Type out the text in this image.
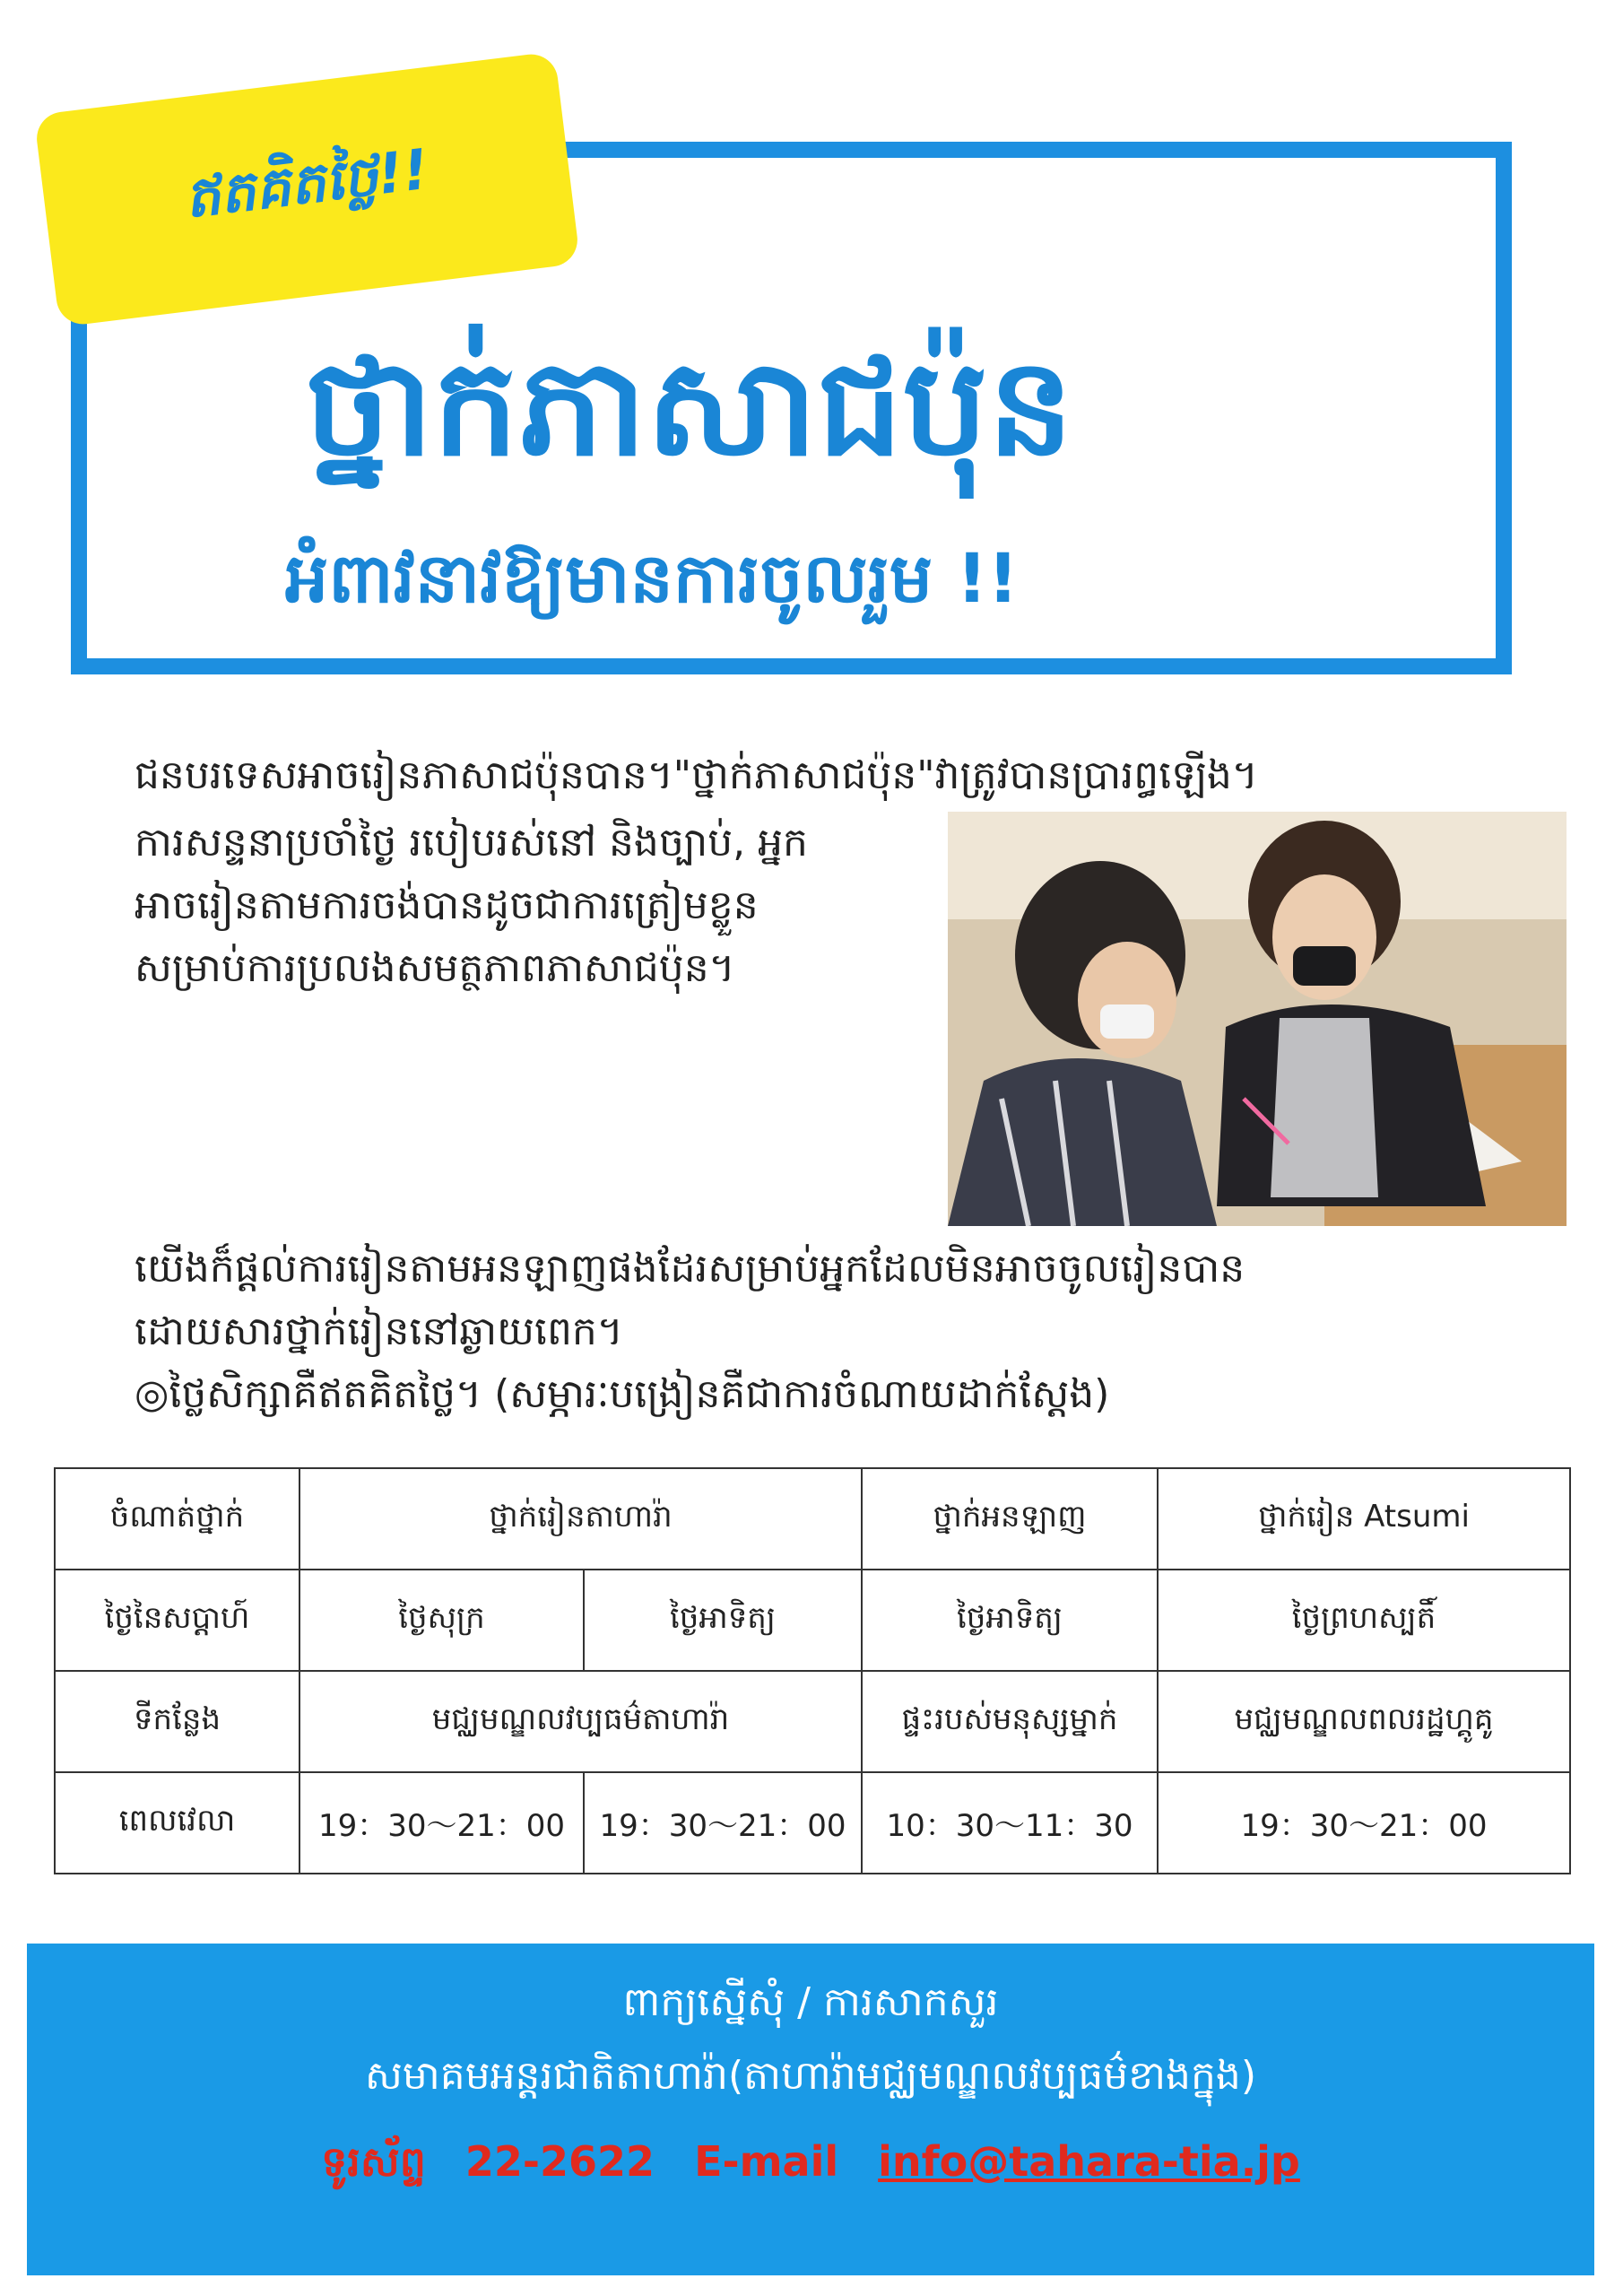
ឥតគិតថ្លៃ!!
ថ្នាក់ភាសាជប៉ុន
អំពាវនាវឱ្យមានការចូលរួម !!
ជនបរទេសអាចរៀនភាសាជប៉ុនបាន។"ថ្នាក់ភាសាជប៉ុន"វាត្រូវបានប្រារព្ធឡើង។
ការសន្ទនាប្រចាំថ្ងៃ របៀបរស់នៅ និងច្បាប់, អ្នក
អាចរៀនតាមការចង់បានដូចជាការត្រៀមខ្លួន
សម្រាប់ការប្រលងសមត្ថភាពភាសាជប៉ុន។
យើងក៏ផ្តល់ការរៀនតាមអនឡាញផងដែរសម្រាប់អ្នកដែលមិនអាចចូលរៀនបាន
ដោយសារថ្នាក់រៀននៅឆ្ងាយពេក។
◎ថ្លៃសិក្សាគឺឥតគិតថ្លៃ។ (សម្ភារៈបង្រៀនគឺជាការចំណាយដាក់ស្តែង)
ចំណាត់ថ្នាក់	ថ្នាក់រៀនតាហារ៉ា		ថ្នាក់អនឡាញ	ថ្នាក់រៀន Atsumi
ថ្ងៃនៃសប្តាហ៍	ថ្ងៃសុក្រ	ថ្ងៃអាទិត្យ	ថ្ងៃអាទិត្យ	ថ្ងៃព្រហស្បតិ៍
ទីកន្លែង	មជ្ឈមណ្ឌលវប្បធម៌តាហារ៉ា		ផ្ទះរបស់មនុស្សម្នាក់	មជ្ឈមណ្ឌលពលរដ្ឋហ្គូគូ
ពេលវេលា	19：30〜21：00	19：30〜21：00	10：30〜11：30	19：30〜21：00
ពាក្យស្នើសុំ / ការសាកសួរ
សមាគមអន្តរជាតិតាហារ៉ា(តាហារ៉ាមជ្ឈមណ្ឌលវប្បធម៌ខាងក្នុង)
ទូរស័ព្ទ 22-2622 E-mail info@tahara-tia.jp
